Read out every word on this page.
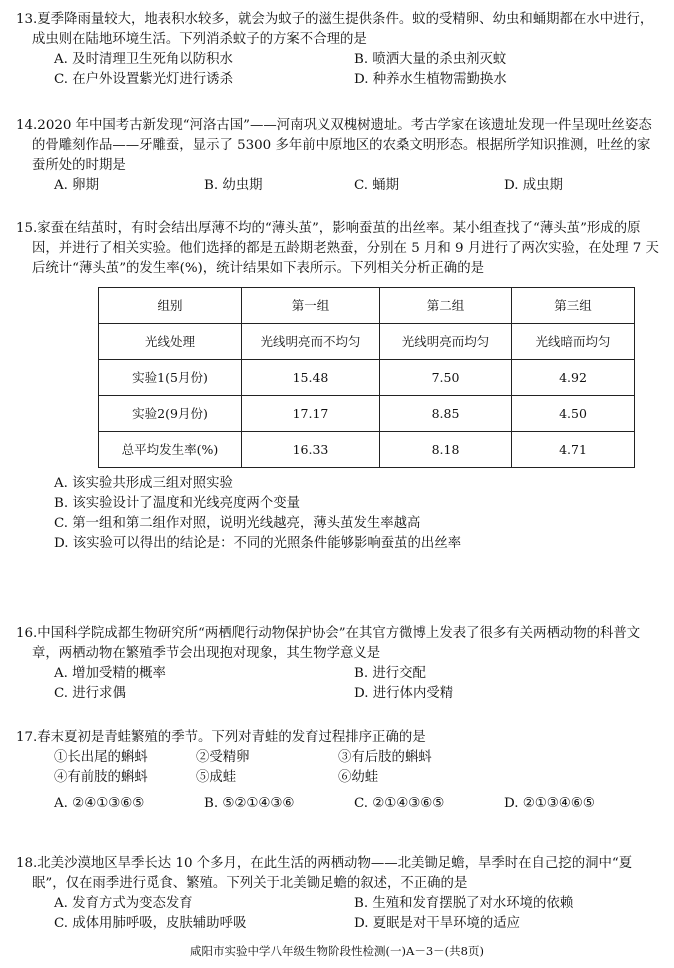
13.夏季降雨量较大，地表积水较多，就会为蚊子的滋生提供条件。蚊的受精卵、幼虫和蛹期都在水中进行，成虫则在陆地环境生活。下列消杀蚊子的方案不合理的是

A. 及时清理卫生死角以防积水	B. 喷洒大量的杀虫剂灭蚊
C. 在户外设置紫光灯进行诱杀	D. 种养水生植物需勤换水

14.2020 年中国考古新发现“河洛古国”——河南巩义双槐树遗址。考古学家在该遗址发现一件呈现吐丝姿态的骨雕刻作品——牙雕蚕，显示了 5300 多年前中原地区的农桑文明形态。根据所学知识推测，吐丝的家蚕所处的时期是

A. 卵期	B. 幼虫期	C. 蛹期	D. 成虫期

15.家蚕在结茧时，有时会结出厚薄不均的“薄头茧”，影响蚕茧的出丝率。某小组查找了“薄头茧”形成的原因，并进行了相关实验。他们选择的都是五龄期老熟蚕，分别在 5 月和 9 月进行了两次实验，在处理 7 天后统计“薄头茧”的发生率(%)，统计结果如下表所示。下列相关分析正确的是

组别	第一组	第二组	第三组
光线处理	光线明亮而不均匀	光线明亮而均匀	光线暗而均匀
实验1(5月份)	15.48	7.50	4.92
实验2(9月份)	17.17	8.85	4.50
总平均发生率(%)	16.33	8.18	4.71
A. 该实验共形成三组对照实验
B. 该实验设计了温度和光线亮度两个变量
C. 第一组和第二组作对照，说明光线越亮，薄头茧发生率越高
D. 该实验可以得出的结论是：不同的光照条件能够影响蚕茧的出丝率

16.中国科学院成都生物研究所“两栖爬行动物保护协会”在其官方微博上发表了很多有关两栖动物的科普文章，两栖动物在繁殖季节会出现抱对现象，其生物学意义是

A. 增加受精的概率	B. 进行交配
C. 进行求偶	D. 进行体内受精

17.春末夏初是青蛙繁殖的季节。下列对青蛙的发育过程排序正确的是

①长出尾的蝌蚪	②受精卵	③有后肢的蝌蚪
④有前肢的蝌蚪	⑤成蛙	⑥幼蛙
A. ②④①③⑥⑤	B. ⑤②①④③⑥	C. ②①④③⑥⑤	D. ②①③④⑥⑤

18.北美沙漠地区旱季长达 10 个多月，在此生活的两栖动物——北美锄足蟾，旱季时在自己挖的洞中“夏眠”，仅在雨季进行觅食、繁殖。下列关于北美锄足蟾的叙述，不正确的是

A. 发育方式为变态发育	B. 生殖和发育摆脱了对水环境的依赖
C. 成体用肺呼吸，皮肤辅助呼吸	D. 夏眠是对干旱环境的适应
咸阳市实验中学八年级生物阶段性检测(一)A－3－(共8页)
